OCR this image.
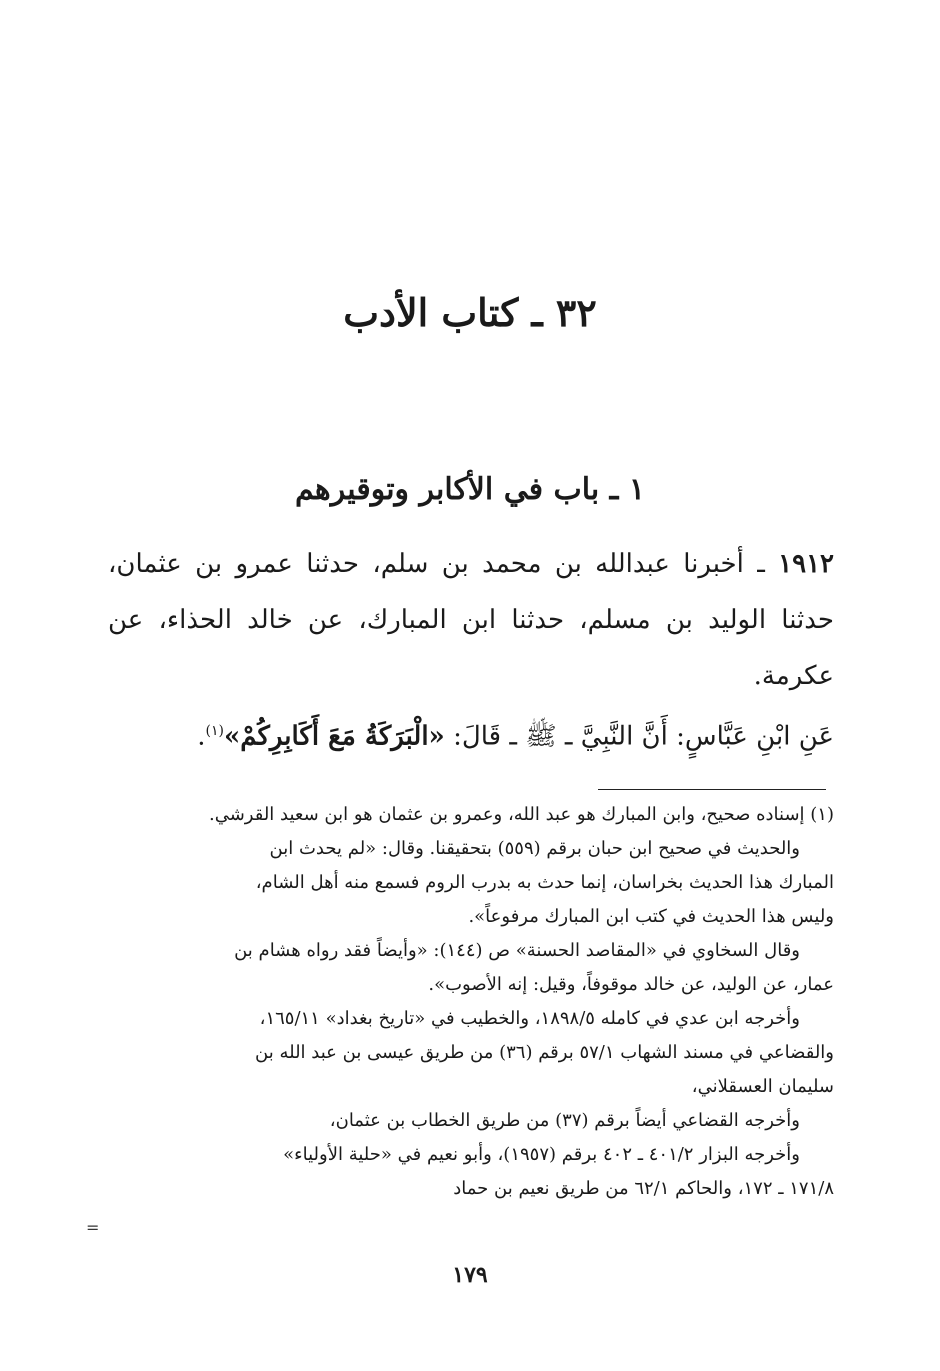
٣٢ ـ كتاب الأدب
١ ـ باب في الأكابر وتوقيرهم
١٩١٢ ـ أخبرنا عبدالله بن محمد بن سلم، حدثنا عمرو بن عثمان، حدثنا الوليد بن مسلم، حدثنا ابن المبارك، عن خالد الحذاء، عن عكرمة.
عَنِ ابْنِ عَبَّاسٍ: أَنَّ النَّبِيَّ ـ ﷺ ـ قَالَ: «الْبَرَكَةُ مَعَ أَكَابِرِكُمْ»$^{(١)}$.
(١) إسناده صحيح، وابن المبارك هو عبد الله، وعمرو بن عثمان هو ابن سعيد القرشي.
والحديث في صحيح ابن حبان برقم (٥٥٩) بتحقيقنا. وقال: «لم يحدث ابن
المبارك هذا الحديث بخراسان، إنما حدث به بدرب الروم فسمع منه أهل الشام،
وليس هذا الحديث في كتب ابن المبارك مرفوعاً».
وقال السخاوي في «المقاصد الحسنة» ص (١٤٤): «وأيضاً فقد رواه هشام بن
عمار، عن الوليد، عن خالد موقوفاً، وقيل: إنه الأصوب».
وأخرجه ابن عدي في كامله ١٨٩٨/٥، والخطيب في «تاريخ بغداد» ١٦٥/١١،
والقضاعي في مسند الشهاب ٥٧/١ برقم (٣٦) من طريق عيسى بن عبد الله بن
سليمان العسقلاني،
وأخرجه القضاعي أيضاً برقم (٣٧) من طريق الخطاب بن عثمان،
وأخرجه البزار ٤٠١/٢ ـ ٤٠٢ برقم (١٩٥٧)، وأبو نعيم في «حلية الأولياء»
١٧١/٨ ـ ١٧٢، والحاكم ٦٢/١ من طريق نعيم بن حماد
=
١٧٩
